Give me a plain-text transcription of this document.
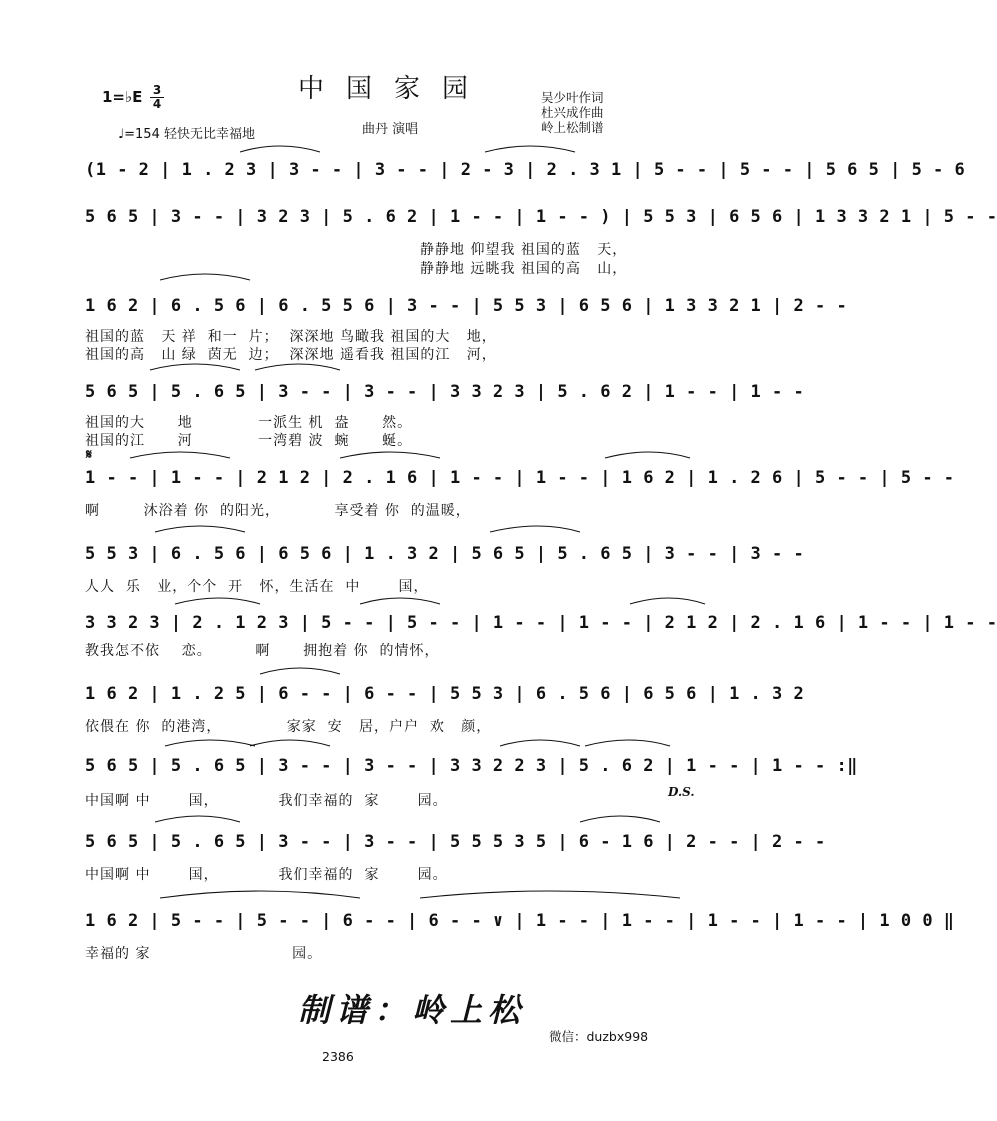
1=♭E 3
4
♩=154 轻快无比幸福地
中国家园
曲丹 演唱
吴少叶作词
杜兴成作曲
岭上松制谱
(1 - 2 | 1 . 2 3 | 3 - - | 3 - - | 2 - 3 | 2 . 3 1 | 5 - - | 5 - - | 5 6 5 | 5 - 6
5 6 5 | 3 - - | 3 2 3 | 5 . 6 2 | 1 - - | 1 - - ) | 5 5 3 | 6 5 6 | 1 3 3 2 1 | 5 - -
静静地 仰望我 祖国的蓝   天，
静静地 远眺我 祖国的高   山，
1 6 2 | 6 . 5 6 | 6 . 5 5 6 | 3 - - | 5 5 3 | 6 5 6 | 1 3 3 2 1 | 2 - -
祖国的蓝   天 祥  和一  片；  深深地 鸟瞰我 祖国的大   地，
祖国的高   山 绿  茵无  边；  深深地 遥看我 祖国的江   河，
5 6 5 | 5 . 6 5 | 3 - - | 3 - - | 3 3 2 3 | 5 . 6 2 | 1 - - | 1 - -
祖国的大      地            一派生 机  盎      然。
祖国的江      河            一湾碧 波  蜿      蜒。
𝄋
1 - - | 1 - - | 2 1 2 | 2 . 1 6 | 1 - - | 1 - - | 1 6 2 | 1 . 2 6 | 5 - - | 5 - -
啊        沐浴着 你  的阳光，          享受着 你  的温暖，
5 5 3 | 6 . 5 6 | 6 5 6 | 1 . 3 2 | 5 6 5 | 5 . 6 5 | 3 - - | 3 - -
人人  乐   业，个个  开   怀，生活在  中       国，
3 3 2 3 | 2 . 1 2 3 | 5 - - | 5 - - | 1 - - | 1 - - | 2 1 2 | 2 . 1 6 | 1 - - | 1 - -
教我怎不依    恋。        啊      拥抱着 你  的情怀，
1 6 2 | 1 . 2 5 | 6 - - | 6 - - | 5 5 3 | 6 . 5 6 | 6 5 6 | 1 . 3 2
依偎在 你  的港湾，            家家  安   居，户户  欢   颜，
5 6 5 | 5 . 6 5 | 3 - - | 3 - - | 3 3 2 2 3 | 5 . 6 2 | 1 - - | 1 - - :‖
D.S.
中国啊 中       国，           我们幸福的  家       园。
5 6 5 | 5 . 6 5 | 3 - - | 3 - - | 5 5 5 3 5 | 6 - 1 6 | 2 - - | 2 - -
中国啊 中       国，           我们幸福的  家       园。
1 6 2 | 5 - - | 5 - - | 6 - - | 6 - - ∨ | 1 - - | 1 - - | 1 - - | 1 - - | 1 0 0 ‖
幸福的 家                          园。
制谱：岭上松
微信：duzbx998
2386
